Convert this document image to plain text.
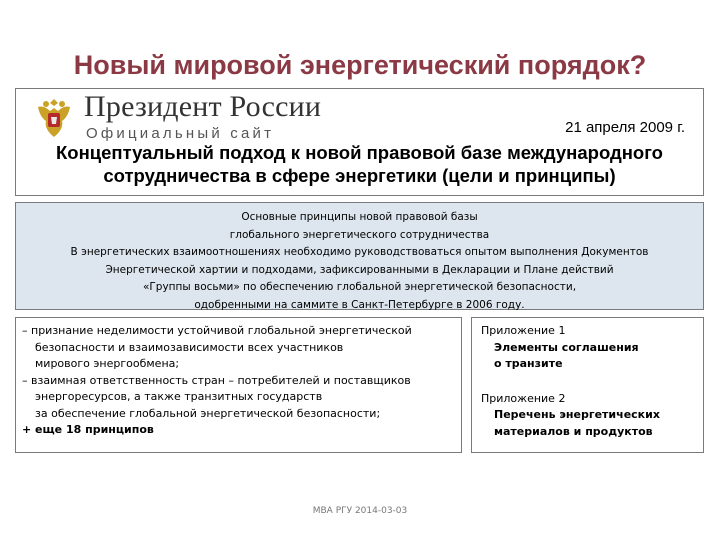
Новый мировой энергетический порядок?
Президент России
Официальный сайт	21 апреля 2009 г.
Концептуальный подход к новой правовой базе международного
сотрудничества в сфере энергетики (цели и принципы)
Основные принципы новой правовой базы
глобального энергетического сотрудничества
В энергетических взаимоотношениях необходимо руководствоваться опытом выполнения Документов
Энергетической хартии и подходами, зафиксированными в Декларации и Плане действий
«Группы восьми» по обеспечению глобальной энергетической безопасности,
одобренными на саммите в Санкт-Петербурге в 2006 году.
– признание неделимости устойчивой глобальной энергетической
безопасности и взаимозависимости всех участников
мирового энергообмена;
– взаимная ответственность стран – потребителей и поставщиков
энергоресурсов, а также транзитных государств
за обеспечение глобальной энергетической безопасности;
+ еще 18 принципов
Приложение 1
Элементы соглашения
о транзите
Приложение 2
Перечень энергетических
материалов и продуктов
МВА РГУ 2014-03-03
